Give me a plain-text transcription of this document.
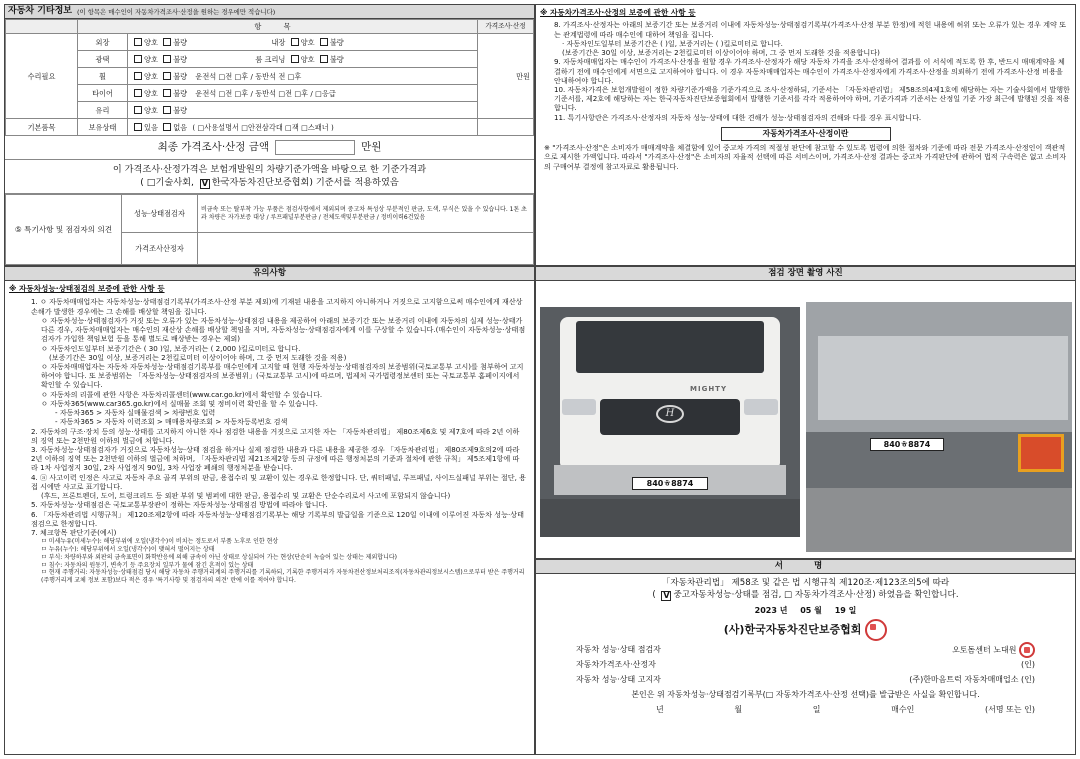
자동차 기타정보 (이 항목은 매수인이 자동차가격조사·산정을 원하는 경우에만 적습니다)
	항 목		가격조사·산정
수리필요	외장	양호 불량 내장 양호 불량	만원
	광택	양호 불량 룸 크리닝 양호 불량	
	휠	양호 불량 운전석 □전 □후 / 동반석 전 □후	
	타이어	양호 불량 운전석 □전 □후 / 동반석 □전 □후 / □응급	
	유리	양호 불량	
기본품목	보유상태	있음 없음 ( □사용설명서 □안전삼각대 □잭 □스패너 )	
최종 가격조사·산정 금액	만원
이 가격조사·산정가격은 보험개발원의 차량기준가액을 바탕으로 한 기준가격과
( □기술사회, V 한국자동차진단보증협회) 기준서를 적용하였음
⑤ 특기사항 및 점검자의 의견	성능·상태점검자	비금속 또는 탈부착 가능 부품은 점검사항에서 제외되며 중고차 특성상 부분적인 판금, 도색, 부식은 있을 수 있습니다. 1톤 초과 차량은 자가보증 대상 / 루프패널부분판금 / 전체도색및부분판금 / 정비이력6건있음
	가격조사산정자	
※ 자동차가격조사·산정의 보증에 관한 사항 등

8. 가격조사·산정자는 아래의 보증기간 또는 보증거리 이내에 자동차성능·상태점검기록부(가격조사·산정 부분 한정)에 적힌 내용에 허위 또는 오류가 있는 경우 계약 또는 관계법령에 따라 매수인에 대하여 책임을 집니다.

· 자동차인도일부터 보증기간은 ( )일, 보증거리는 ( )킬로미터로 합니다.

(보증기간은 30일 이상, 보증거리는 2천킬로미터 이상이어야 하며, 그 중 먼저 도래한 것을 적용합니다)

9. 자동차매매업자는 매수인이 가격조사·산정을 원할 경우 가격조사·산정자가 해당 자동차 가격을 조사·산정하여 결과를 이 서식에 적도록 한 후, 반드시 매매계약을 체결하기 전에 매수인에게 서면으로 고지하여야 합니다. 이 경우 자동차매매업자는 매수인이 가격조사·산정자에게 가격조사·산정을 의뢰하기 전에 가격조사·산정 비용을 안내하여야 합니다.

10. 자동차가격은 보험개발원이 정한 차량기준가액을 기준가격으로 조사·산정하되, 기준서는 「자동차관리법」 제58조의4제1호에 해당하는 자는 기술사회에서 발행한 기준서를, 제2호에 해당하는 자는 한국자동차진단보증협회에서 발행한 기준서를 각각 적용하여야 하며, 기준가격과 기준서는 산정일 기준 가장 최근에 발행된 것을 적용합니다.

11. 특기사항란은 가격조사·산정자의 자동차 성능·상태에 대한 견해가 성능·상태점검자의 견해와 다를 경우 표시합니다.

자동차가격조사·산정이란
※ "가격조사·산정"은 소비자가 매매계약을 체결함에 있어 중고차 가격의 적절성 판단에 참고할 수 있도록 법령에 의한 절차와 기준에 따라 전문 가격조사·산정인이 객관적으로 제시한 가액입니다. 따라서 "가격조사·산정"은 소비자의 자율적 선택에 따른 서비스이며, 가격조사·산정 결과는 중고차 가격판단에 관하여 법적 구속력은 없고 소비자의 구매여부 결정에 참고자료로 활용됩니다.
유의사항
※ 자동차성능·상태점검의 보증에 관한 사항 등

1. ㅇ 자동차매매업자는 자동차성능·상태점검기록부(가격조사·산정 부분 제외)에 기재된 내용을 고지하지 아니하거나 거짓으로 고지함으로써 매수인에게 재산상 손해가 발생한 경우에는 그 손해를 배상할 책임을 집니다.

ㅇ 자동차성능·상태점검자가 거짓 또는 오류가 있는 자동차성능·상태점검 내용을 제공하여 아래의 보증기간 또는 보증거리 이내에 자동차의 실제 성능·상태가 다른 경우, 자동차매매업자는 매수인의 재산상 손해를 배상할 책임을 지며, 자동차성능·상태점검자에게 이를 구상할 수 있습니다.(매수인이 자동차성능·상태점검자가 가입한 책임보험 등을 통해 별도로 배상받는 경우는 제외)

ㅇ 자동차인도일부터 보증기간은 ( 30 )일, 보증거리는 ( 2,000 )킬로미터로 합니다.

(보증기간은 30일 이상, 보증거리는 2천킬로미터 이상이어야 하며, 그 중 먼저 도래한 것을 적용)

ㅇ 자동차매매업자는 자동차 자동차성능·상태점검기록부를 매수인에게 고지할 때 현행 자동차성능·상태점검자의 보증범위(국토교통부 고시)를 첨부하여 고지하여야 합니다. 또 보증범위는 「자동차성능·상태점검자의 보증범위」(국토교통부 고시)에 따르며, 법제처 국가법령정보센터 또는 국토교통부 홈페이지에서 확인할 수 있습니다.

ㅇ 자동차의 리콜에 관한 사항은 자동차리콜센터(www.car.go.kr)에서 확인할 수 있습니다.

ㅇ 자동차365(www.car365.go.kr)에서 실매물 조회 및 정비이력 확인을 할 수 있습니다.

- 자동차365 > 자동차 실매물검색 > 차량번호 입력

- 자동차365 > 자동차 이력조회 > 매매용차량조회 > 자동차등록번호 검색

2. 자동차의 구조·장치 등의 성능·상태를 고지하지 아니한 자나 점검한 내용을 거짓으로 고지한 자는 「자동차관리법」 제80조제6호 및 제7호에 따라 2년 이하의 징역 또는 2천만원 이하의 벌금에 처합니다.

3. 자동차성능·상태점검자가 거짓으로 자동차성능·상태 점검을 하거나 실제 점검한 내용과 다른 내용을 제공한 경우 「자동차관리법」 제80조제9호의2에 따라 2년 이하의 징역 또는 2천만원 이하의 벌금에 처하며, 「자동차관리법 제21조제2항 등의 규정에 따른 행정처분의 기준과 절차에 관한 규칙」 제5조제1항에 따라 1차 사업정지 30일, 2차 사업정지 90일, 3차 사업장 폐쇄의 행정처분을 받습니다.

4. ⓐ 사고이력 인정은 사고로 자동차 주요 골격 부위의 판금, 용접수리 및 교환이 있는 경우로 한정합니다. 단, 쿼터패널, 루프패널, 사이드실패널 부위는 절단, 용접 시에만 사고로 표기합니다.

(후드, 프론트펜더, 도어, 트렁크리드 등 외판 부위 및 범퍼에 대한 판금, 용접수리 및 교환은 단순수리로서 사고에 포함되지 않습니다)

5. 자동차성능·상태점검은 국토교통부장관이 정하는 자동차성능·상태점검 방법에 따라야 합니다.

6. 「자동차관리법 시행규칙」 제120조제2항에 따라 자동차성능·상태점검기록부는 해당 기록부의 발급일을 기준으로 120일 이내에 이루어진 자동차 성능·상태점검으로 한정합니다.

7. 체크항목 판단기준(예시)

ㅁ 미세누유(미세누수): 해당부위에 오일(냉각수)이 비치는 정도로서 부품 노후로 인한 현상

ㅁ 누유(누수): 해당부위에서 오일(냉각수)이 맺혀서 떨어지는 상태

ㅁ 부식: 차량하부와 외판의 금속표면이 화학반응에 의해 금속이 아닌 상태로 상실되어 가는 현상(단순히 녹슬어 있는 상태는 제외합니다)

ㅁ 침수: 자동차의 원동기, 변속기 등 주요장치 일부가 물에 잠긴 흔적이 있는 상태

ㅁ 현재 주행거리: 자동차성능·상태점검 당시 해당 자동차 주행거리계의 주행거리를 기록하되, 기록한 주행거리가 자동차전산정보처리조직(자동차관리정보시스템)으로부터 받은 주행거리(주행거리계 교체 정보 포함)보다 적은 경우 '특기사항 및 점검자의 의견' 란에 이를 적어야 합니다.

점검 장면 촬영 사진
H
MIGHTY
840ㅎ8874
840ㅎ8874
서 명
「자동차관리법」 제58조 및 같은 법 시행규칙 제120조·제123조의5에 따라
( V 중고자동차성능·상태를 점검, □ 자동차가격조사·산정) 하였음을 확인합니다.
2023 년 05 월 19 일
(사)한국자동차진단보증협회
자동차 성능·상태 점검자	오토돔센터 노대원
자동차가격조사·산정자	(인)
자동차 성능·상태 고지자	(주)한마음트럭 자동차매매업소 (인)
본인은 위 자동차성능·상태점검기록부(□ 자동차가격조사·산정 선택)를 발급받은 사실을 확인합니다.
년	월	일	매수인	(서명 또는 인)
